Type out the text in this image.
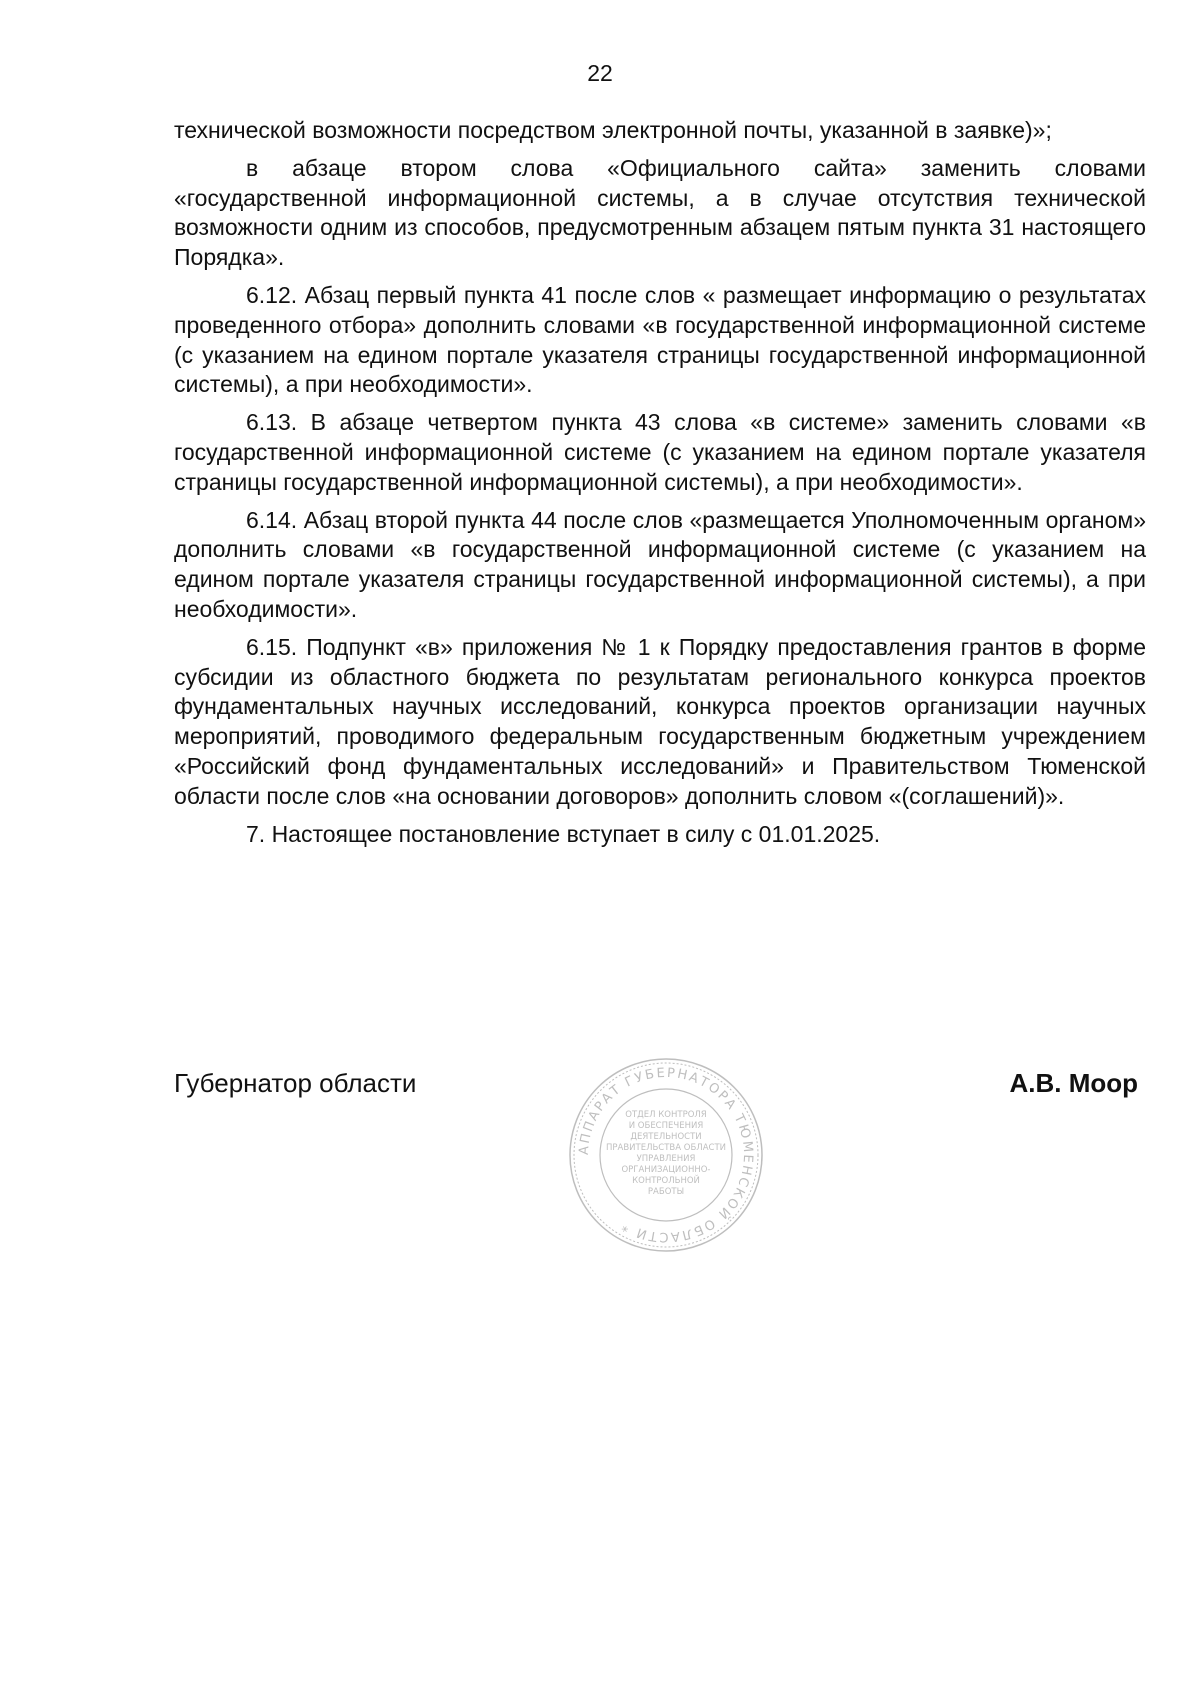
22

технической возможности посредством электронной почты, указанной в заявке)»;

в абзаце втором слова «Официального сайта» заменить словами «государственной информационной системы, а в случае отсутствия технической возможности одним из способов, предусмотренным абзацем пятым пункта 31 настоящего Порядка».

6.12. Абзац первый пункта 41 после слов « размещает информацию о результатах проведенного отбора» дополнить словами «в государственной информационной системе (с указанием на едином портале указателя страницы государственной информационной системы), а при необходимости».

6.13. В абзаце четвертом пункта 43 слова «в системе» заменить словами «в государственной информационной системе (с указанием на едином портале указателя страницы государственной информационной системы), а при необходимости».

6.14. Абзац второй пункта 44 после слов «размещается Уполномоченным органом» дополнить словами «в государственной информационной системе (с указанием на едином портале указателя страницы государственной информационной системы), а при необходимости».

6.15. Подпункт «в» приложения № 1 к Порядку предоставления грантов в форме субсидии из областного бюджета по результатам регионального конкурса проектов фундаментальных научных исследований, конкурса проектов организации научных мероприятий, проводимого федеральным государственным бюджетным учреждением «Российский фонд фундаментальных исследований» и Правительством Тюменской области после слов «на основании договоров» дополнить словом «(соглашений)».

7. Настоящее постановление вступает в силу с 01.01.2025.

Губернатор области	А.В. Моор
АППАРАТ ГУБЕРНАТОРА ТЮМЕНСКОЙ ОБЛАСТИ *
ОТДЕЛ КОНТРОЛЯ
И ОБЕСПЕЧЕНИЯ
ДЕЯТЕЛЬНОСТИ
ПРАВИТЕЛЬСТВА ОБЛАСТИ
УПРАВЛЕНИЯ
ОРГАНИЗАЦИОННО-
КОНТРОЛЬНОЙ
РАБОТЫ
